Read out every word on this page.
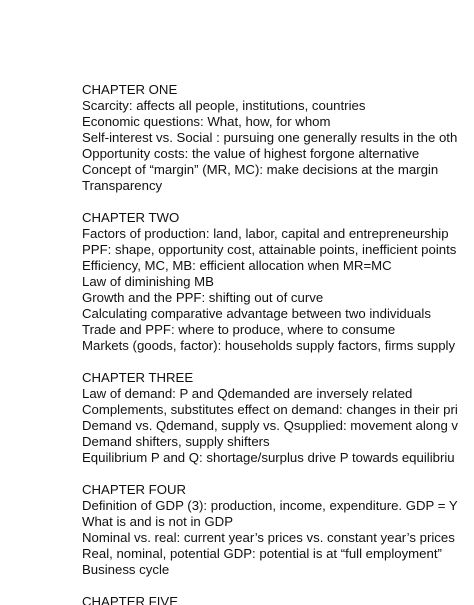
CHAPTER ONE
Scarcity: affects all people, institutions, countries
Economic questions: What, how, for whom
Self-interest vs. Social : pursuing one generally results in the oth
Opportunity costs: the value of highest forgone alternative
Concept of “margin” (MR, MC): make decisions at the margin
Transparency
CHAPTER TWO
Factors of production: land, labor, capital and entrepreneurship
PPF: shape, opportunity cost, attainable points, inefficient points
Efficiency, MC, MB: efficient allocation when MR=MC
Law of diminishing MB
Growth and the PPF: shifting out of curve
Calculating comparative advantage between two individuals
Trade and PPF: where to produce, where to consume
Markets (goods, factor): households supply factors, firms supply
CHAPTER THREE
Law of demand: P and Qdemanded are inversely related
Complements, substitutes effect on demand: changes in their pri
Demand vs. Qdemand, supply vs. Qsupplied: movement along v
Demand shifters, supply shifters
Equilibrium P and Q: shortage/surplus drive P towards equilibriu
CHAPTER FOUR
Definition of GDP (3): production, income, expenditure. GDP = Y
What is and is not in GDP
Nominal vs. real: current year’s prices vs. constant year’s prices
Real, nominal, potential GDP: potential is at “full employment”
Business cycle
CHAPTER FIVE
